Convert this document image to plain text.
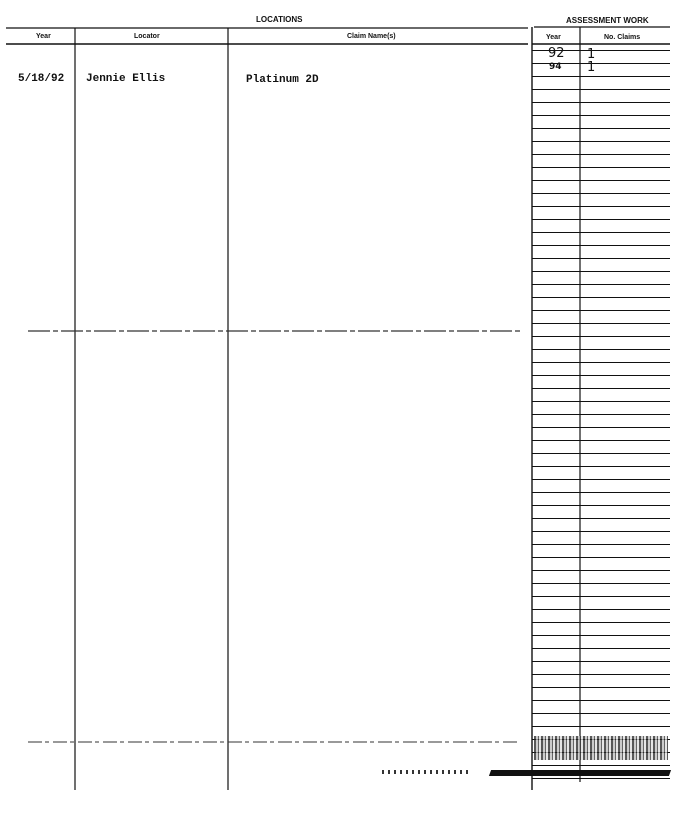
LOCATIONS	ASSESSMENT WORK
Year	Locator	Claim Name(s)	Year	No. Claims
5/18/92 Jennie Ellis	Platinum 2D
92 1
94 1
